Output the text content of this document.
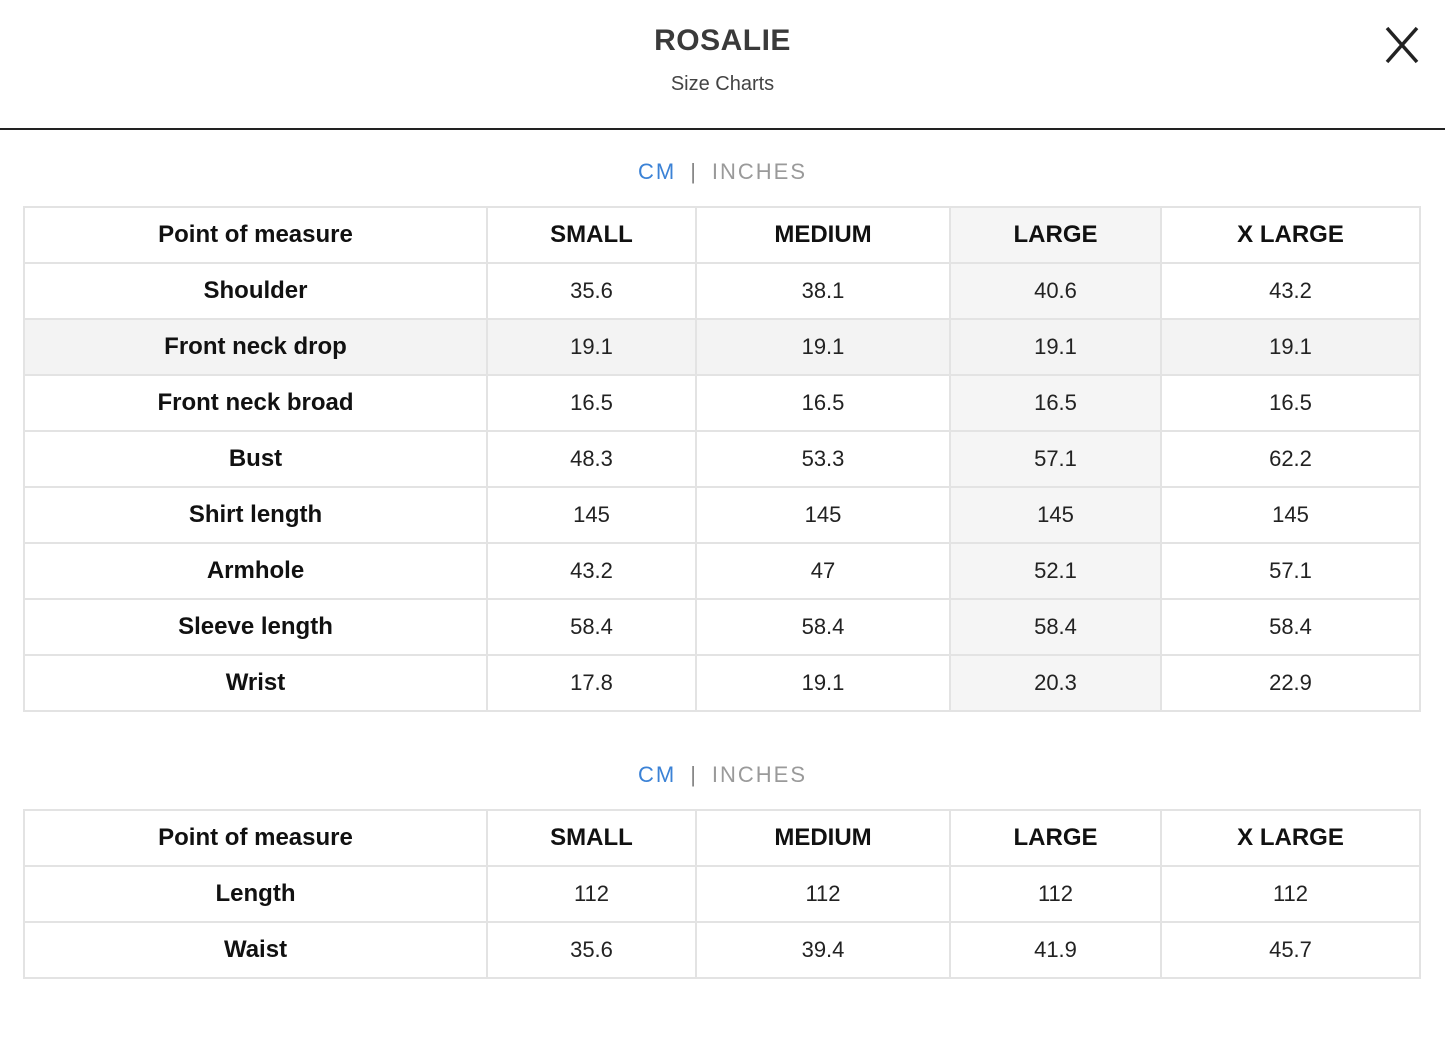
ROSALIE
Size Charts
CM | INCHES
Point of measure	SMALL	MEDIUM	LARGE	X LARGE
Shoulder	35.6	38.1	40.6	43.2
Front neck drop	19.1	19.1	19.1	19.1
Front neck broad	16.5	16.5	16.5	16.5
Bust	48.3	53.3	57.1	62.2
Shirt length	145	145	145	145
Armhole	43.2	47	52.1	57.1
Sleeve length	58.4	58.4	58.4	58.4
Wrist	17.8	19.1	20.3	22.9
CM | INCHES
Point of measure	SMALL	MEDIUM	LARGE	X LARGE
Length	112	112	112	112
Waist	35.6	39.4	41.9	45.7
